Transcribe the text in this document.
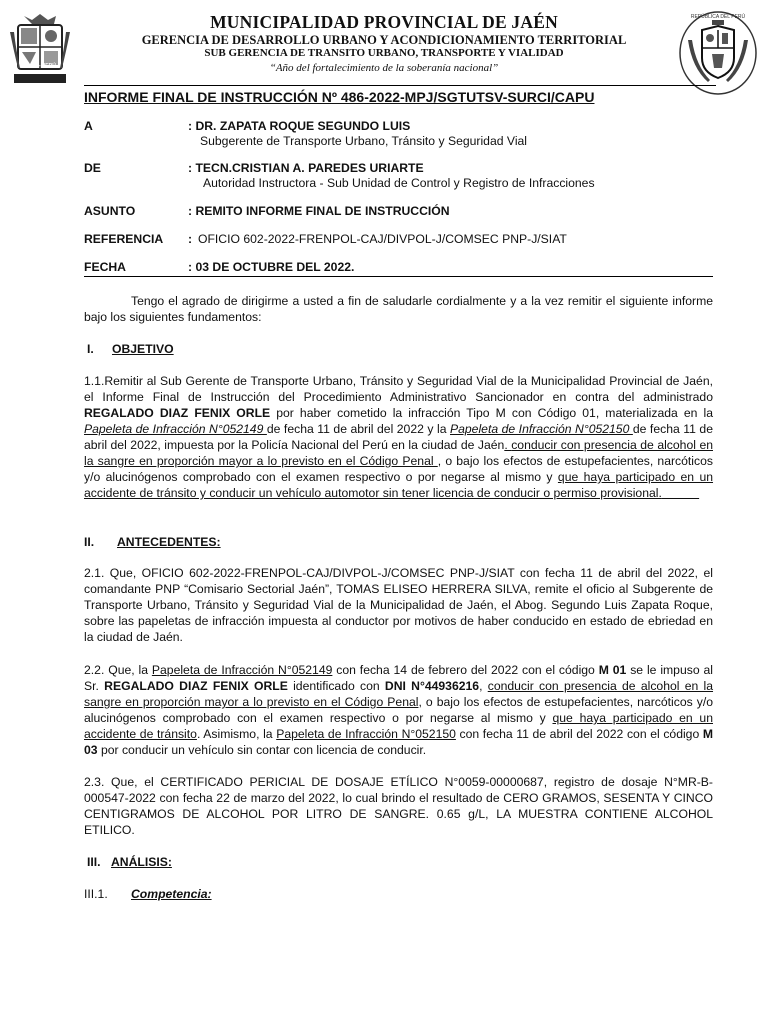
JAÉN - PERÚ
MUNICIPALIDAD PROVINCIAL DE JAÉN
GERENCIA DE DESARROLLO URBANO Y ACONDICIONAMIENTO TERRITORIAL
SUB GERENCIA DE TRANSITO URBANO, TRANSPORTE Y VIALIDAD
“Año del fortalecimiento de la soberanía nacional”
REPÚBLICA DEL PERÚ
INFORME FINAL DE INSTRUCCIÓN Nº 486-2022-MPJ/SGTUTSV-SURCI/CAPU
A	: DR. ZAPATA ROQUE SEGUNDO LUIS
Subgerente de Transporte Urbano, Tránsito y Seguridad Vial
DE	: TECN.CRISTIAN A. PAREDES URIARTE
Autoridad Instructora - Sub Unidad de Control y Registro de Infracciones
ASUNTO	: REMITO INFORME FINAL DE INSTRUCCIÓN
REFERENCIA : OFICIO 602-2022-FRENPOL-CAJ/DIVPOL-J/COMSEC PNP-J/SIAT
FECHA	: 03 DE OCTUBRE DEL 2022.
Tengo el agrado de dirigirme a usted a fin de saludarle cordialmente y a la vez remitir el siguiente informe bajo los siguientes fundamentos:
I. OBJETIVO
1.1.Remitir al Sub Gerente de Transporte Urbano, Tránsito y Seguridad Vial de la Municipalidad Provincial de Jaén, el Informe Final de Instrucción del Procedimiento Administrativo Sancionador en contra del administrado REGALADO DIAZ FENIX ORLE por haber cometido la infracción Tipo M con Código 01, materializada en la Papeleta de Infracción N°052149 de fecha 11 de abril del 2022 y la Papeleta de Infracción N°052150 de fecha 11 de abril del 2022, impuesta por la Policía Nacional del Perú en la ciudad de Jaén. conducir con presencia de alcohol en la sangre en proporción mayor a lo previsto en el Código Penal , o bajo los efectos de estupefacientes, narcóticos y/o alucinógenos comprobado con el examen respectivo o por negarse al mismo y que haya participado en un accidente de tránsito y conducir un vehículo automotor sin tener licencia de conducir o permiso provisional.
II. ANTECEDENTES:
2.1. Que, OFICIO 602-2022-FRENPOL-CAJ/DIVPOL-J/COMSEC PNP-J/SIAT con fecha 11 de abril del 2022, el comandante PNP “Comisario Sectorial Jaén”, TOMAS ELISEO HERRERA SILVA, remite el oficio al Subgerente de Transporte Urbano, Tránsito y Seguridad Vial de la Municipalidad de Jaén, el Abog. Segundo Luis Zapata Roque, sobre las papeletas de infracción impuesta al conductor por motivos de haber conducido en estado de ebriedad en la ciudad de Jaén.
2.2. Que, la Papeleta de Infracción N°052149 con fecha 14 de febrero del 2022 con el código M 01 se le impuso al Sr. REGALADO DIAZ FENIX ORLE identificado con DNI N°44936216, conducir con presencia de alcohol en la sangre en proporción mayor a lo previsto en el Código Penal, o bajo los efectos de estupefacientes, narcóticos y/o alucinógenos comprobado con el examen respectivo o por negarse al mismo y que haya participado en un accidente de tránsito. Asimismo, la Papeleta de Infracción N°052150 con fecha 11 de abril del 2022 con el código M 03 por conducir un vehículo sin contar con licencia de conducir.
2.3. Que, el CERTIFICADO PERICIAL DE DOSAJE ETÍLICO N°0059-00000687, registro de dosaje N°MR-B-000547-2022 con fecha 22 de marzo del 2022, lo cual brindo el resultado de CERO GRAMOS, SESENTA Y CINCO CENTIGRAMOS DE ALCOHOL POR LITRO DE SANGRE. 0.65 g/L, LA MUESTRA CONTIENE ALCOHOL ETILICO.
III. ANÁLISIS:
III.1. Competencia:
